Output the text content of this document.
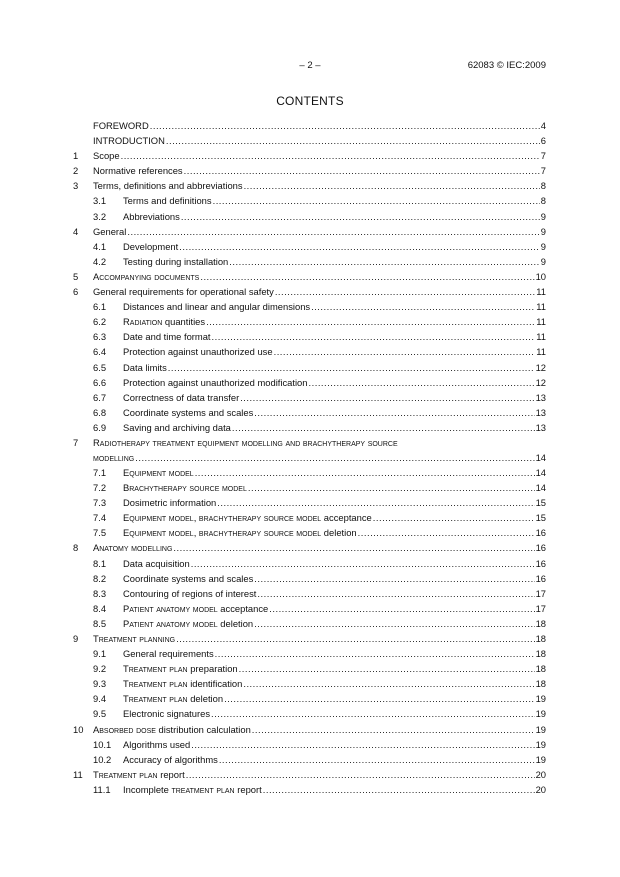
– 2 –	62083 © IEC:2009
CONTENTS
FOREWORD .....	4
INTRODUCTION .....	6
1	Scope .....	7
2	Normative references .....	7
3	Terms, definitions and abbreviations .....	8
3.1	Terms and definitions .....	8
3.2	Abbreviations .....	9
4	General .....	9
4.1	Development .....	9
4.2	Testing during installation .....	9
5	Accompanying documents .....	10
6	General requirements for operational safety .....	11
6.1	Distances and linear and angular dimensions .....	11
6.2	Radiation quantities .....	11
6.3	Date and time format .....	11
6.4	Protection against unauthorized use .....	11
6.5	Data limits .....	12
6.6	Protection against unauthorized modification .....	12
6.7	Correctness of data transfer .....	13
6.8	Coordinate systems and scales .....	13
6.9	Saving and archiving data .....	13
7	Radiotherapy treatment equipment modelling and brachytherapy source
modelling .....	14
7.1	Equipment model .....	14
7.2	Brachytherapy source model .....	14
7.3	Dosimetric information .....	15
7.4	Equipment model, brachytherapy source model acceptance .....	15
7.5	Equipment model, brachytherapy source model deletion .....	16
8	Anatomy modelling .....	16
8.1	Data acquisition .....	16
8.2	Coordinate systems and scales .....	16
8.3	Contouring of regions of interest .....	17
8.4	Patient anatomy model acceptance .....	17
8.5	Patient anatomy model deletion .....	18
9	Treatment planning .....	18
9.1	General requirements .....	18
9.2	Treatment plan preparation .....	18
9.3	Treatment plan identification .....	18
9.4	Treatment plan deletion .....	19
9.5	Electronic signatures .....	19
10	Absorbed dose distribution calculation .....	19
10.1	Algorithms used .....	19
10.2	Accuracy of algorithms .....	19
11	Treatment plan report .....	20
11.1	Incomplete treatment plan report .....	20
